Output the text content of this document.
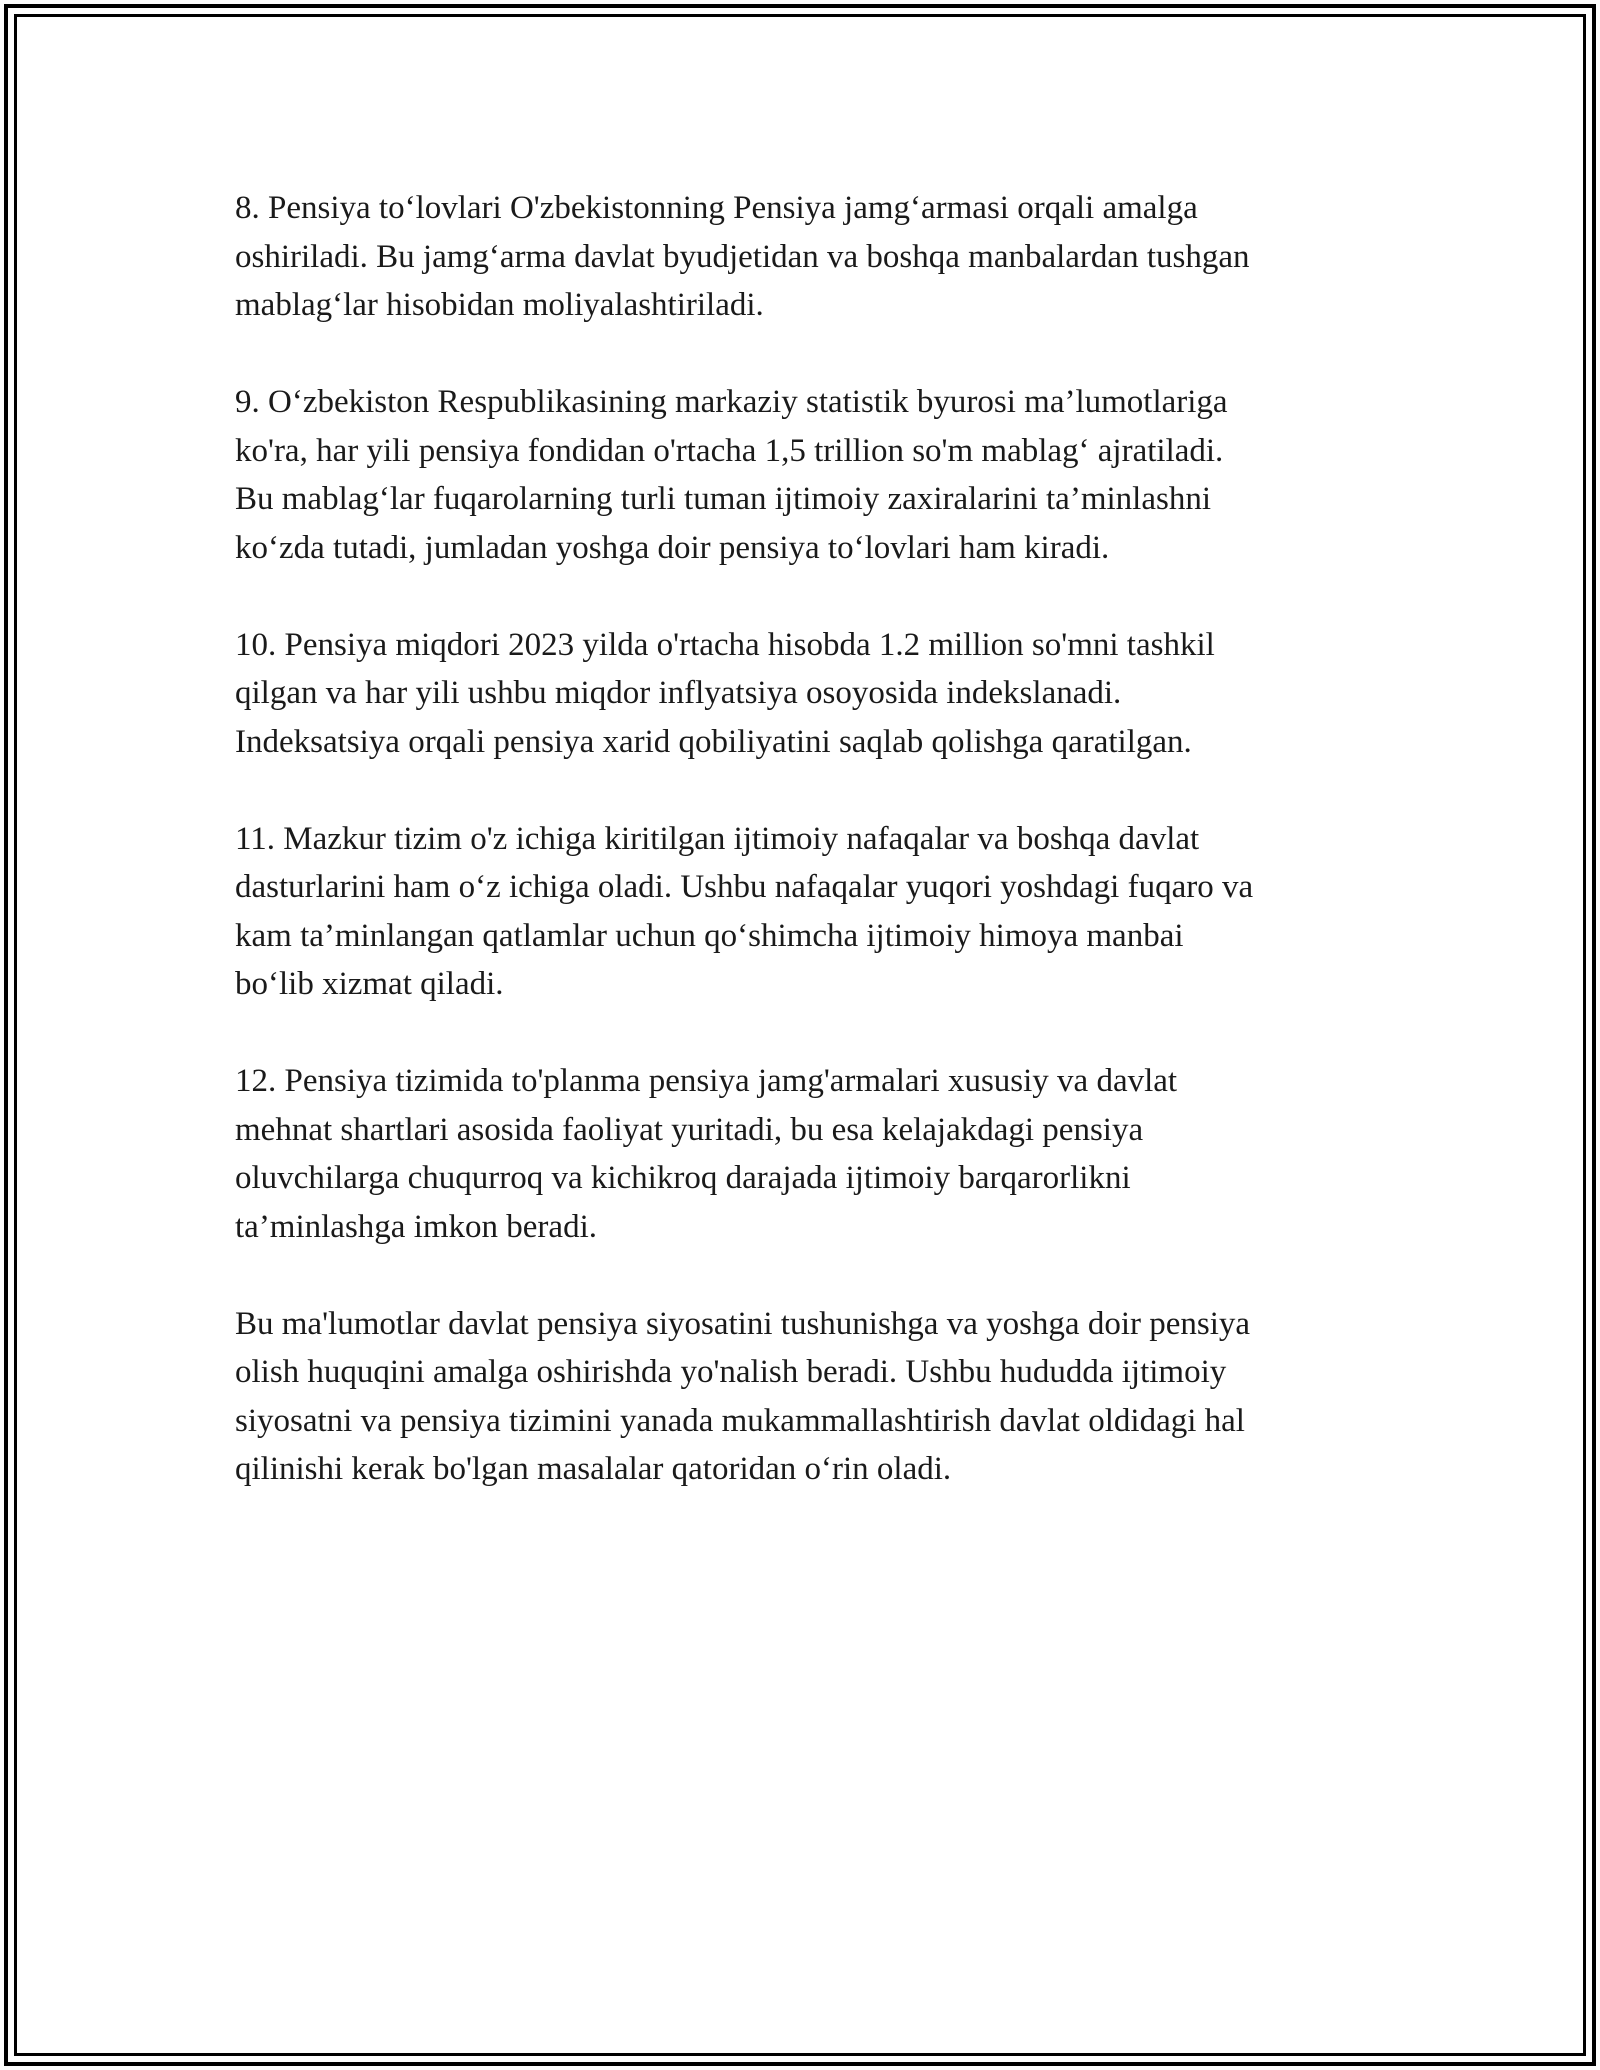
8. Pensiya to‘lovlari O'zbekistonning Pensiya jamg‘armasi orqali amalga
oshiriladi. Bu jamg‘arma davlat byudjetidan va boshqa manbalardan tushgan
mablag‘lar hisobidan moliyalashtiriladi.

9. O‘zbekiston Respublikasining markaziy statistik byurosi ma’lumotlariga
ko'ra, har yili pensiya fondidan o'rtacha 1,5 trillion so'm mablag‘ ajratiladi.
Bu mablag‘lar fuqarolarning turli tuman ijtimoiy zaxiralarini ta’minlashni
ko‘zda tutadi, jumladan yoshga doir pensiya to‘lovlari ham kiradi.

10. Pensiya miqdori 2023 yilda o'rtacha hisobda 1.2 million so'mni tashkil
qilgan va har yili ushbu miqdor inflyatsiya osoyosida indekslanadi.
Indeksatsiya orqali pensiya xarid qobiliyatini saqlab qolishga qaratilgan.

11. Mazkur tizim o'z ichiga kiritilgan ijtimoiy nafaqalar va boshqa davlat
dasturlarini ham o‘z ichiga oladi. Ushbu nafaqalar yuqori yoshdagi fuqaro va
kam ta’minlangan qatlamlar uchun qo‘shimcha ijtimoiy himoya manbai
bo‘lib xizmat qiladi.

12. Pensiya tizimida to'planma pensiya jamg'armalari xususiy va davlat
mehnat shartlari asosida faoliyat yuritadi, bu esa kelajakdagi pensiya
oluvchilarga chuqurroq va kichikroq darajada ijtimoiy barqarorlikni
ta’minlashga imkon beradi.

Bu ma'lumotlar davlat pensiya siyosatini tushunishga va yoshga doir pensiya
olish huquqini amalga oshirishda yo'nalish beradi. Ushbu hududda ijtimoiy
siyosatni va pensiya tizimini yanada mukammallashtirish davlat oldidagi hal
qilinishi kerak bo'lgan masalalar qatoridan o‘rin oladi.
